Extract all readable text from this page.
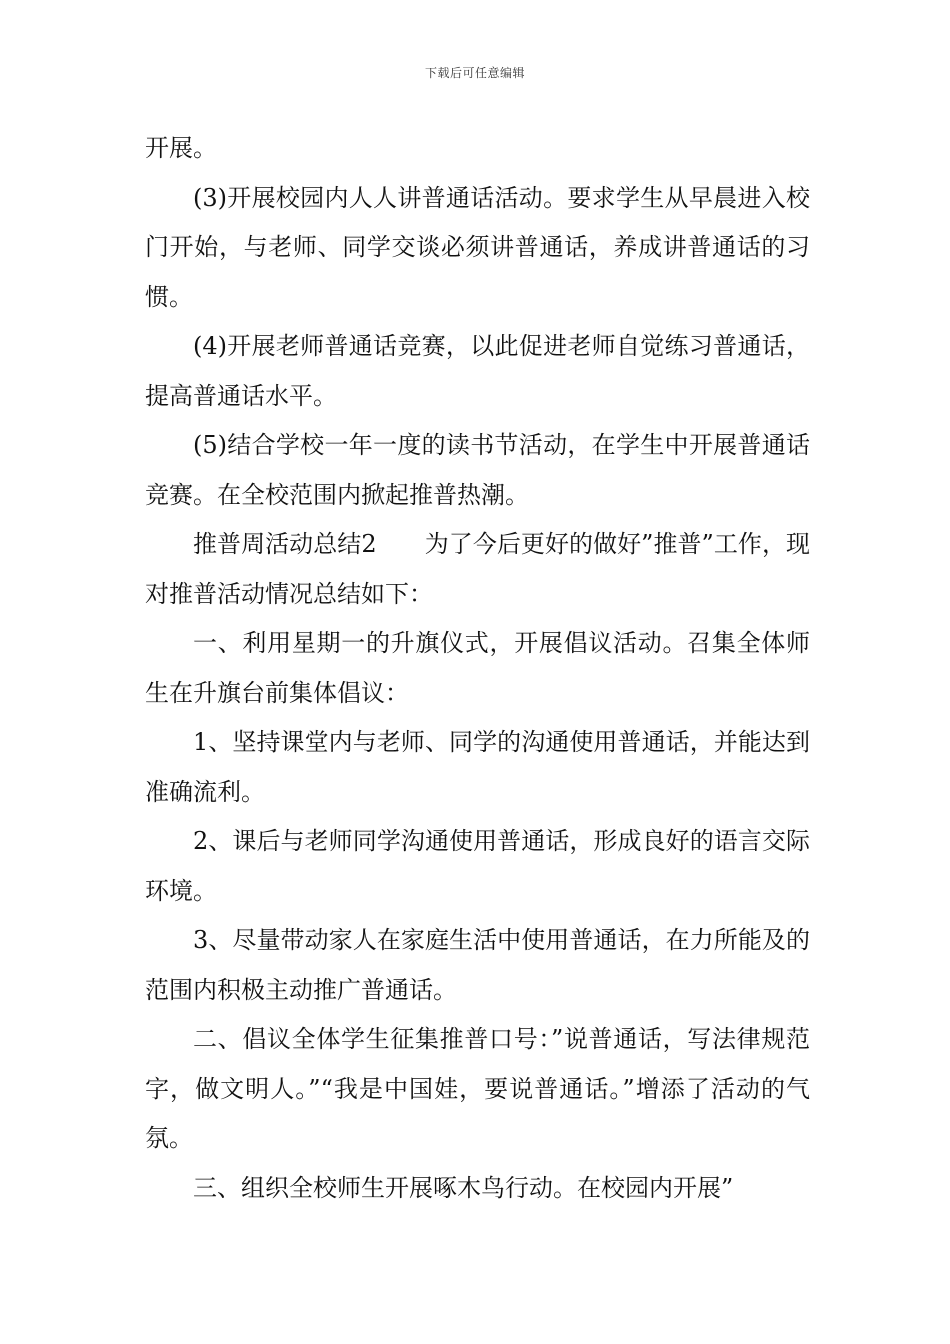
下载后可任意编辑

开展。

(3)开展校园内人人讲普通话活动。要求学生从早晨进入校门开始，与老师、同学交谈必须讲普通话，养成讲普通话的习惯。

(4)开展老师普通话竞赛，以此促进老师自觉练习普通话，提高普通话水平。

(5)结合学校一年一度的读书节活动，在学生中开展普通话竞赛。在全校范围内掀起推普热潮。

推普周活动总结2　　为了今后更好的做好”推普”工作，现对推普活动情况总结如下：

一、利用星期一的升旗仪式，开展倡议活动。召集全体师生在升旗台前集体倡议：

1、坚持课堂内与老师、同学的沟通使用普通话，并能达到准确流利。

2、课后与老师同学沟通使用普通话，形成良好的语言交际环境。

3、尽量带动家人在家庭生活中使用普通话，在力所能及的范围内积极主动推广普通话。

二、倡议全体学生征集推普口号：”说普通话，写法律规范字，做文明人。”“我是中国娃，要说普通话。”增添了活动的气氛。

三、组织全校师生开展啄木鸟行动。在校园内开展”
